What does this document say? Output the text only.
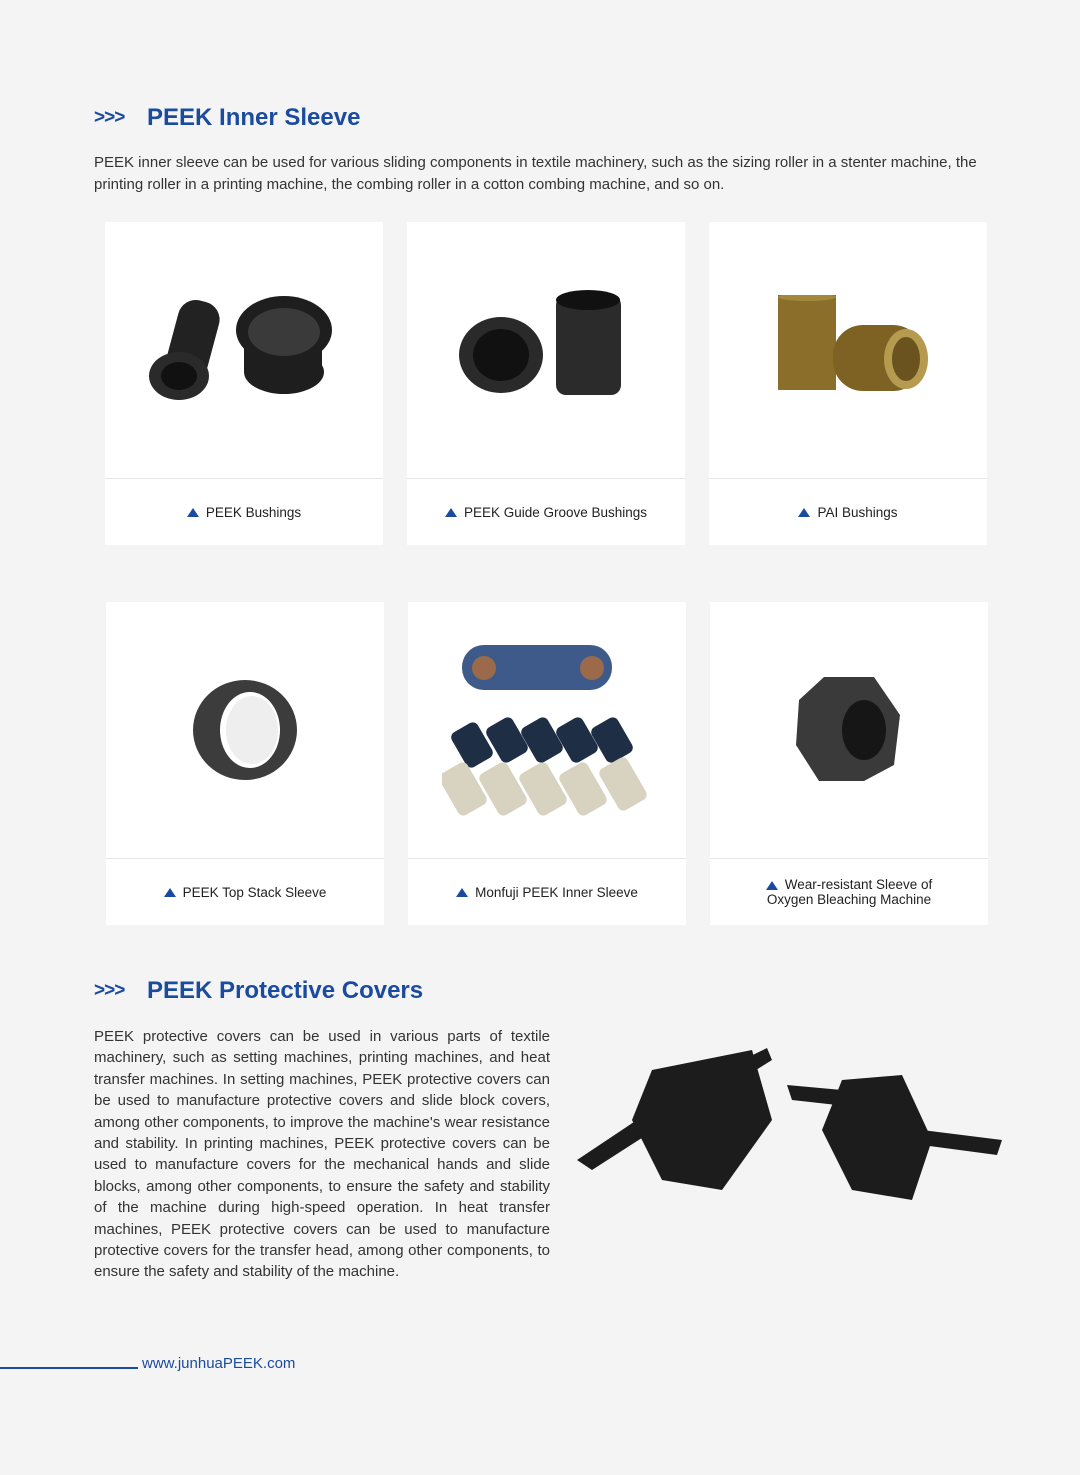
>>> PEEK Inner Sleeve

PEEK inner sleeve can be used for various sliding components in textile machinery, such as the sizing roller in a stenter machine, the printing roller in a printing machine, the combing roller in a cotton combing machine, and so on.

PEEK Bushings	PEEK Guide Groove Bushings	PAI Bushings
PEEK Top Stack Sleeve	Monfuji PEEK Inner Sleeve	Wear-resistant Sleeve of
Oxygen Bleaching Machine
>>> PEEK Protective Covers

PEEK protective covers can be used in various parts of textile machinery, such as setting machines, printing machines, and heat transfer machines. In setting machines, PEEK protective covers can be used to manufacture protective covers and slide block covers, among other components, to improve the machine's wear resistance and stability. In printing machines, PEEK protective covers can be used to manufacture covers for the mechanical hands and slide blocks, among other components, to ensure the safety and stability of the machine during high-speed operation. In heat transfer machines, PEEK protective covers can be used to manufacture protective covers for the transfer head, among other components, to ensure the safety and stability of the machine.

www.junhuaPEEK.com
